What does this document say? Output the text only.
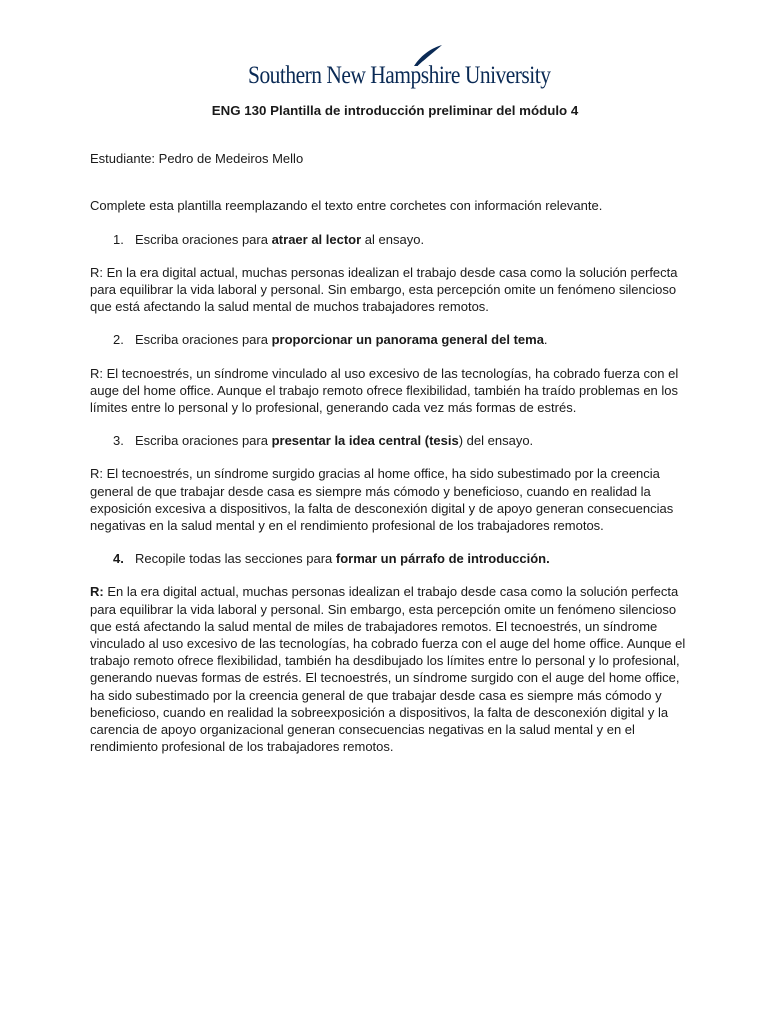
Southern New Hampshire University

ENG 130 Plantilla de introducción preliminar del módulo 4

Estudiante: Pedro de Medeiros Mello

Complete esta plantilla reemplazando el texto entre corchetes con información relevante.

1. Escriba oraciones para atraer al lector al ensayo.

R: En la era digital actual, muchas personas idealizan el trabajo desde casa como la solución perfecta para equilibrar la vida laboral y personal. Sin embargo, esta percepción omite un fenómeno silencioso que está afectando la salud mental de muchos trabajadores remotos.

2. Escriba oraciones para proporcionar un panorama general del tema.

R: El tecnoestrés, un síndrome vinculado al uso excesivo de las tecnologías, ha cobrado fuerza con el auge del home office. Aunque el trabajo remoto ofrece flexibilidad, también ha traído problemas en los límites entre lo personal y lo profesional, generando cada vez más formas de estrés.

3. Escriba oraciones para presentar la idea central (tesis) del ensayo.

R: El tecnoestrés, un síndrome surgido gracias al home office, ha sido subestimado por la creencia general de que trabajar desde casa es siempre más cómodo y beneficioso, cuando en realidad la exposición excesiva a dispositivos, la falta de desconexión digital y de apoyo generan consecuencias negativas en la salud mental y en el rendimiento profesional de los trabajadores remotos.

4. Recopile todas las secciones para formar un párrafo de introducción.

R: En la era digital actual, muchas personas idealizan el trabajo desde casa como la solución perfecta para equilibrar la vida laboral y personal. Sin embargo, esta percepción omite un fenómeno silencioso que está afectando la salud mental de miles de trabajadores remotos. El tecnoestrés, un síndrome vinculado al uso excesivo de las tecnologías, ha cobrado fuerza con el auge del home office. Aunque el trabajo remoto ofrece flexibilidad, también ha desdibujado los límites entre lo personal y lo profesional, generando nuevas formas de estrés. El tecnoestrés, un síndrome surgido con el auge del home office, ha sido subestimado por la creencia general de que trabajar desde casa es siempre más cómodo y beneficioso, cuando en realidad la sobreexposición a dispositivos, la falta de desconexión digital y la carencia de apoyo organizacional generan consecuencias negativas en la salud mental y en el rendimiento profesional de los trabajadores remotos.
